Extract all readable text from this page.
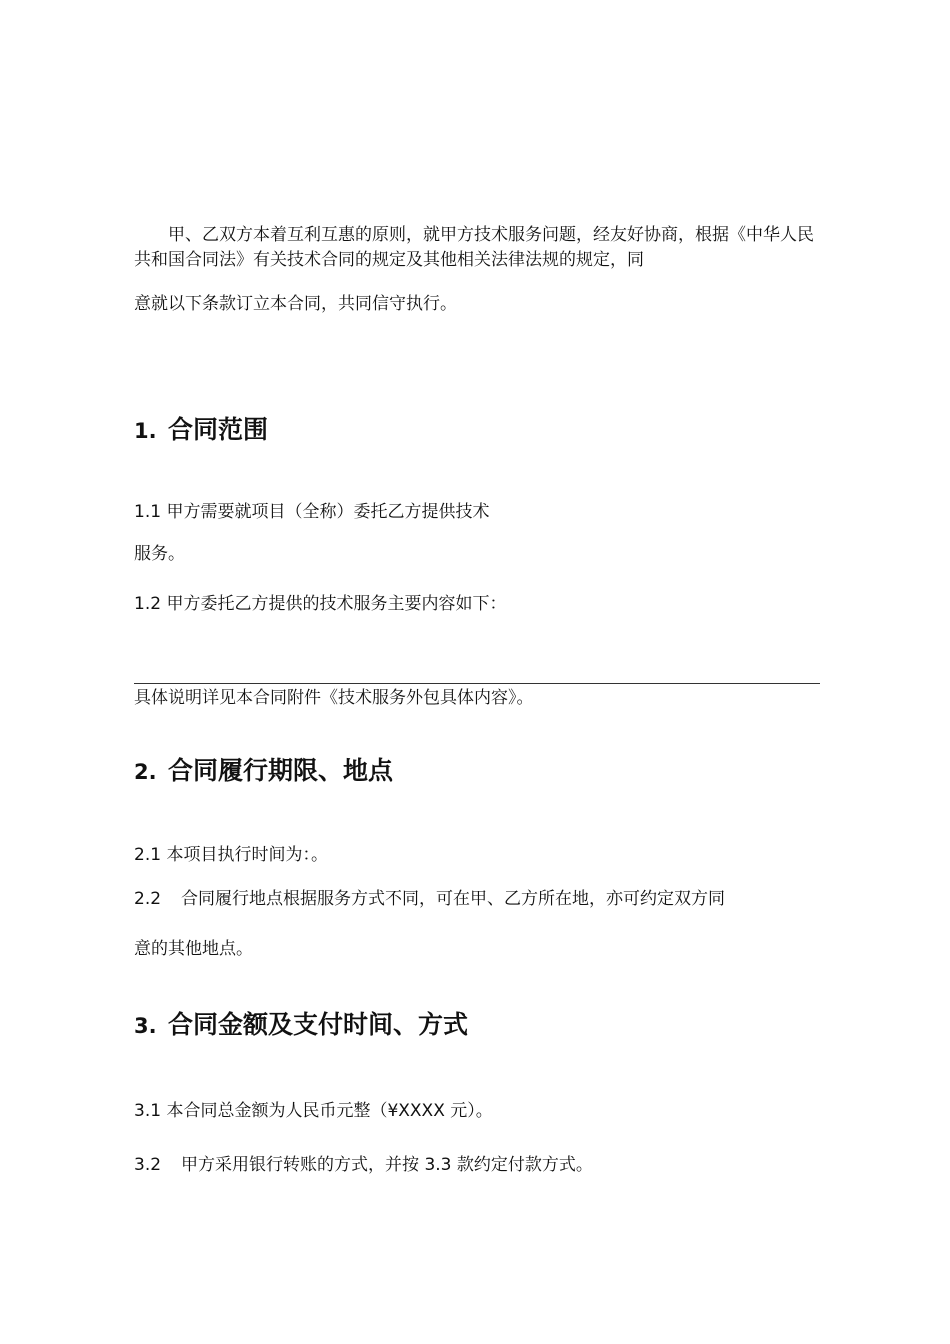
甲、乙双方本着互利互惠的原则，就甲方技术服务问题，经友好协商，根据《中华人民共和国合同法》有关技术合同的规定及其他相关法律法规的规定，同
意就以下条款订立本合同，共同信守执行。
1. 合同范围
1.1 甲方需要就项目（全称）委托乙方提供技术
服务。
1.2 甲方委托乙方提供的技术服务主要内容如下：
具体说明详见本合同附件《技术服务外包具体内容》。
2. 合同履行期限、地点
2.1 本项目执行时间为：。
2.2 合同履行地点根据服务方式不同，可在甲、乙方所在地，亦可约定双方同
意的其他地点。
3. 合同金额及支付时间、方式
3.1 本合同总金额为人民币元整（¥XXXX 元）。
3.2 甲方采用银行转账的方式，并按 3.3 款约定付款方式。
